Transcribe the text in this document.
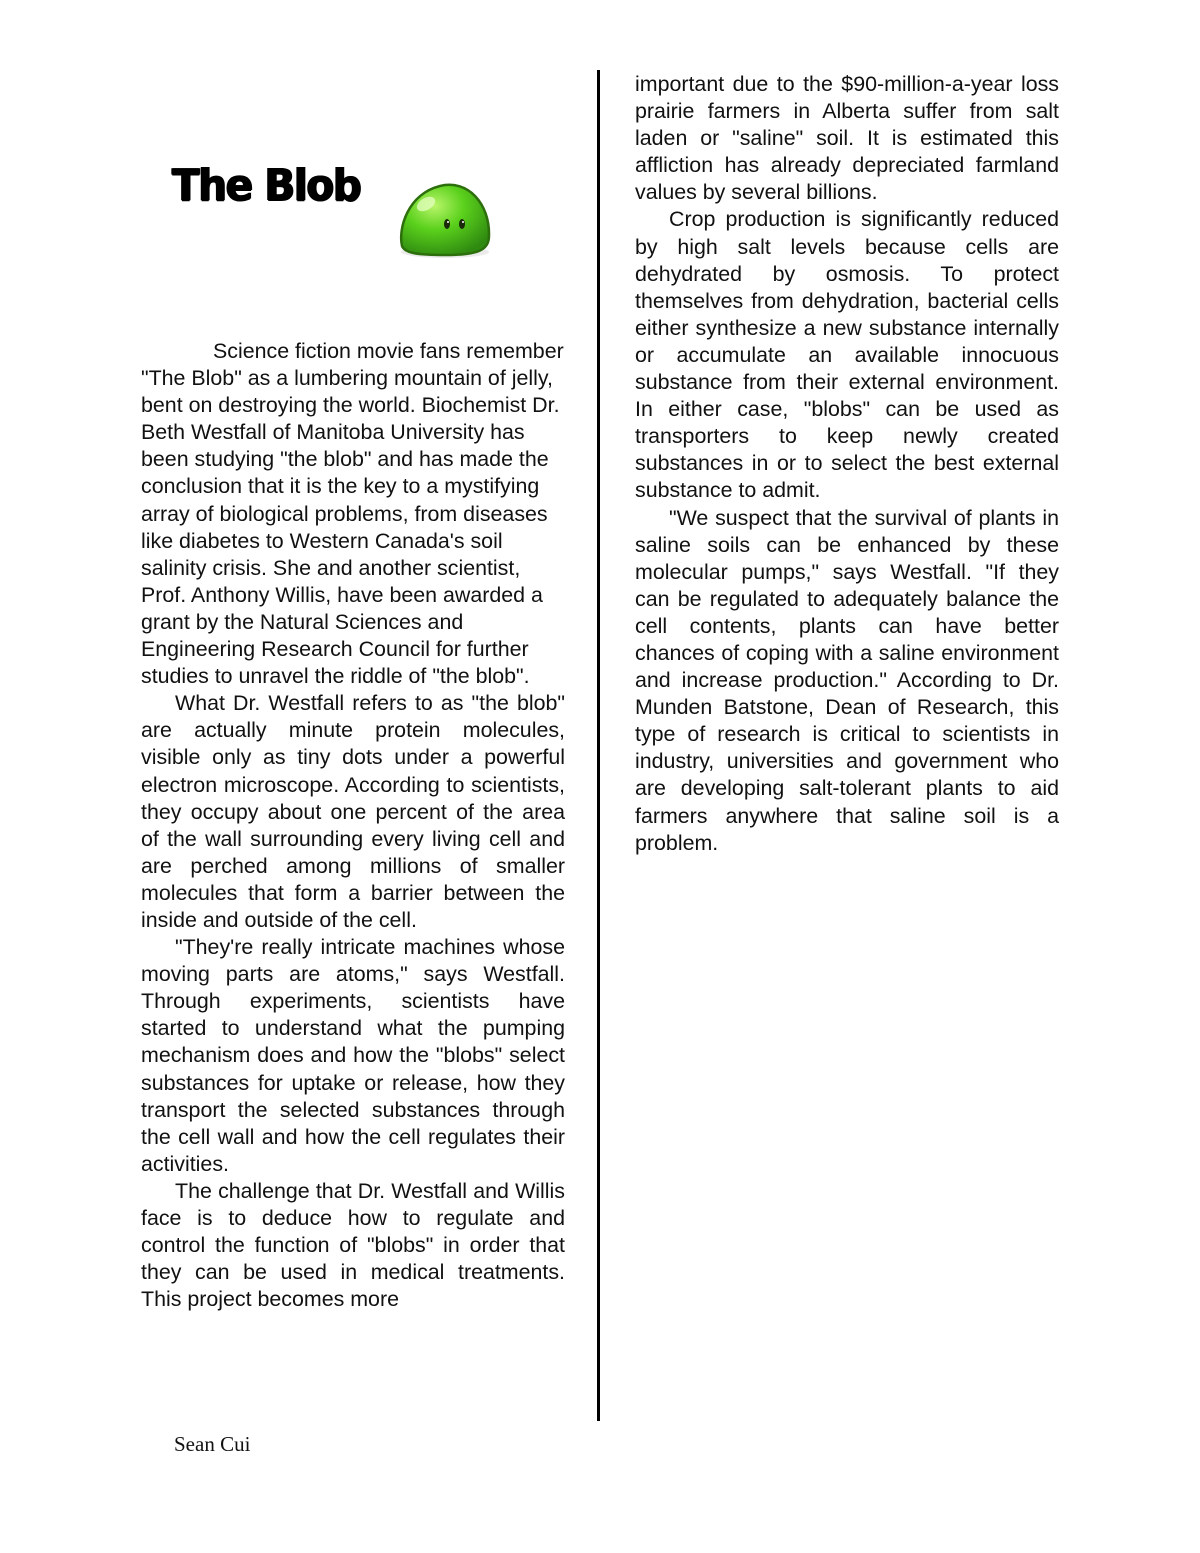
The Blob

Science fiction movie fans remember "The Blob" as a lumbering mountain of jelly, bent on destroying the world. Biochemist Dr. Beth Westfall of Manitoba University has been studying "the blob" and has made the conclusion that it is the key to a mystifying array of biological problems, from diseases like diabetes to Western Canada's soil salinity crisis. She and another scientist, Prof. Anthony Willis, have been awarded a grant by the Natural Sciences and Engineering Research Council for further studies to unravel the riddle of "the blob".

What Dr. Westfall refers to as "the blob" are actually minute protein molecules, visible only as tiny dots under a powerful electron microscope. According to scientists, they occupy about one percent of the area of the wall surrounding every living cell and are perched among millions of smaller molecules that form a barrier between the inside and outside of the cell.

"They're really intricate machines whose moving parts are atoms," says Westfall. Through experiments, scientists have started to understand what the pumping mechanism does and how the "blobs" select substances for uptake or release, how they transport the selected substances through the cell wall and how the cell regulates their activities.

The challenge that Dr. Westfall and Willis face is to deduce how to regulate and control the function of "blobs" in order that they can be used in medical treatments. This project becomes more

important due to the $90-million-a-year loss prairie farmers in Alberta suffer from salt laden or "saline" soil. It is estimated this affliction has already depreciated farmland values by several billions.

Crop production is significantly reduced by high salt levels because cells are dehydrated by osmosis. To protect themselves from dehydration, bacterial cells either synthesize a new substance internally or accumulate an available innocuous substance from their external environment. In either case, "blobs" can be used as transporters to keep newly created substances in or to select the best external substance to admit.

"We suspect that the survival of plants in saline soils can be enhanced by these molecular pumps," says Westfall. "If they can be regulated to adequately balance the cell contents, plants can have better chances of coping with a saline environment and increase production." According to Dr. Munden Batstone, Dean of Research, this type of research is critical to scientists in industry, universities and government who are developing salt-tolerant plants to aid farmers anywhere that saline soil is a problem.

Sean Cui
